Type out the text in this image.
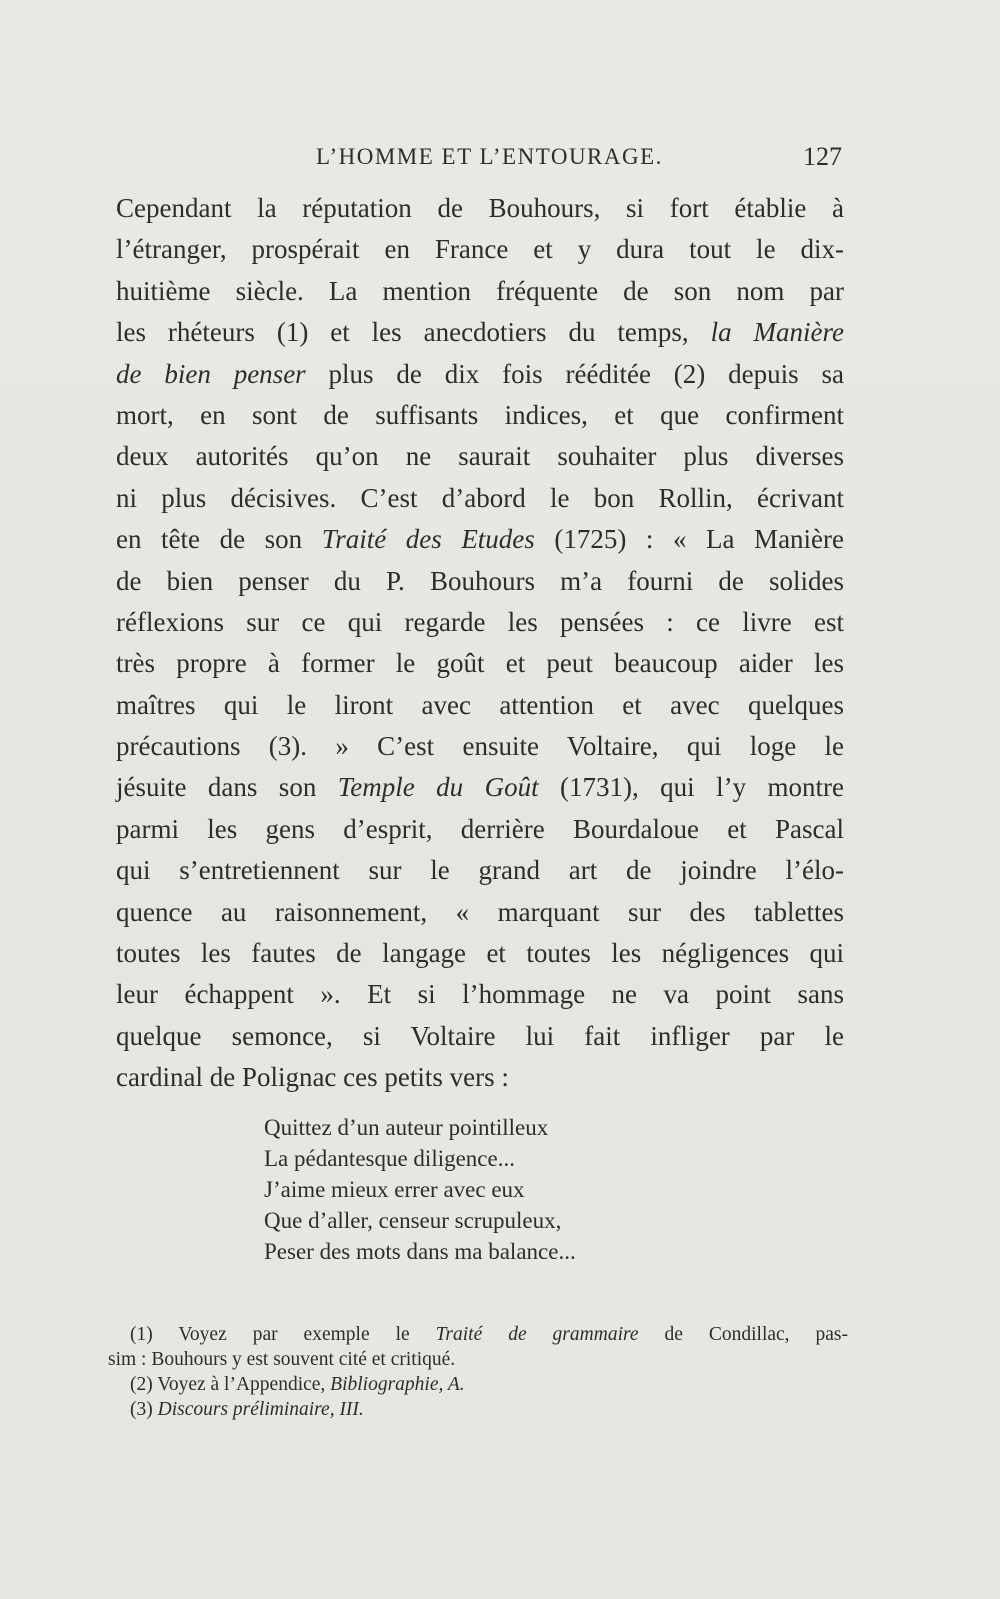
L’HOMME ET L’ENTOURAGE.	127
Cependant la réputation de Bouhours, si fort établie à
l’étranger, prospérait en France et y dura tout le dix-
huitième siècle. La mention fréquente de son nom par
les rhéteurs (1) et les anecdotiers du temps, la Manière
de bien penser plus de dix fois rééditée (2) depuis sa
mort, en sont de suffisants indices, et que confirment
deux autorités qu’on ne saurait souhaiter plus diverses
ni plus décisives. C’est d’abord le bon Rollin, écrivant
en tête de son Traité des Etudes (1725) : « La Manière
de bien penser du P. Bouhours m’a fourni de solides
réflexions sur ce qui regarde les pensées : ce livre est
très propre à former le goût et peut beaucoup aider les
maîtres qui le liront avec attention et avec quelques
précautions (3). » C’est ensuite Voltaire, qui loge le
jésuite dans son Temple du Goût (1731), qui l’y montre
parmi les gens d’esprit, derrière Bourdaloue et Pascal
qui s’entretiennent sur le grand art de joindre l’élo-
quence au raisonnement, « marquant sur des tablettes
toutes les fautes de langage et toutes les négligences qui
leur échappent ». Et si l’hommage ne va point sans
quelque semonce, si Voltaire lui fait infliger par le
cardinal de Polignac ces petits vers :
Quittez d’un auteur pointilleux
La pédantesque diligence...
J’aime mieux errer avec eux
Que d’aller, censeur scrupuleux,
Peser des mots dans ma balance...
(1) Voyez par exemple le Traité de grammaire de Condillac, pas-
sim : Bouhours y est souvent cité et critiqué.
(2) Voyez à l’Appendice, Bibliographie, A.
(3) Discours préliminaire, III.
